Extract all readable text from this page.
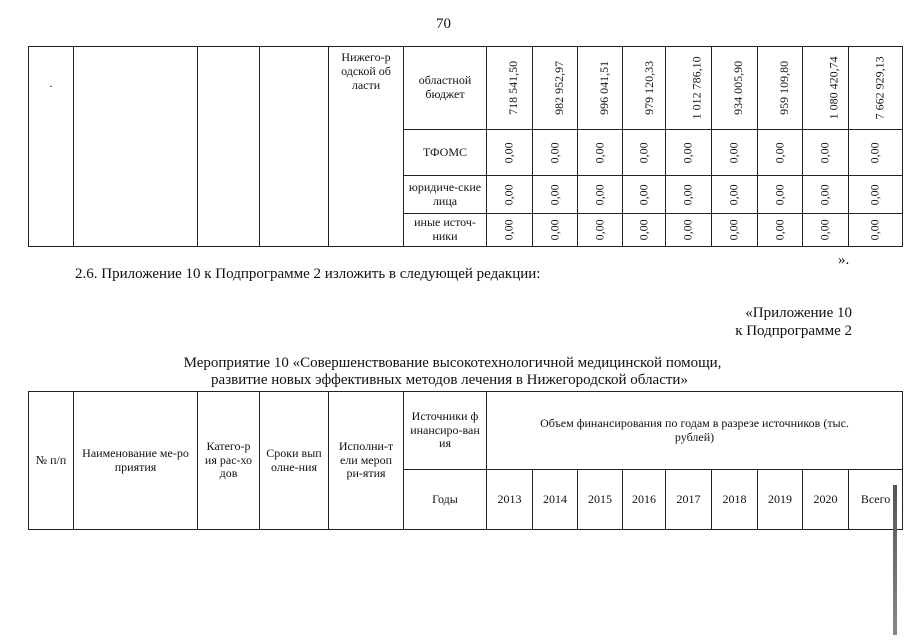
70
.				Нижего-родской области	областной бюджет	718 541,50	982 952,97	996 041,51	979 120,33	1 012 786,10	934 005,90	959 109,80	1 080 420,74	7 662 929,13
					ТФОМС	0,00	0,00	0,00	0,00	0,00	0,00	0,00	0,00	0,00
					юридиче-ские лица	0,00	0,00	0,00	0,00	0,00	0,00	0,00	0,00	0,00
					иные источ-ники	0,00	0,00	0,00	0,00	0,00	0,00	0,00	0,00	0,00
».
2.6. Приложение 10 к Подпрограмме 2 изложить в следующей редакции:
«Приложение 10
к Подпрограмме 2
Мероприятие 10 «Совершенствование высокотехнологичной медицинской помощи,
развитие новых эффективных методов лечения в Нижегородской области»
№ п/п	Наименование ме-роприятия	Катего-рия рас-ходов	Сроки выполне-ния	Исполни-тели меропри-ятия	Источники финансиро-вания	Объем финансирования по годам в разрезе источников (тыс. рублей)								

					Годы	2013	2014	2015	2016	2017	2018	2019	2020	Всего
